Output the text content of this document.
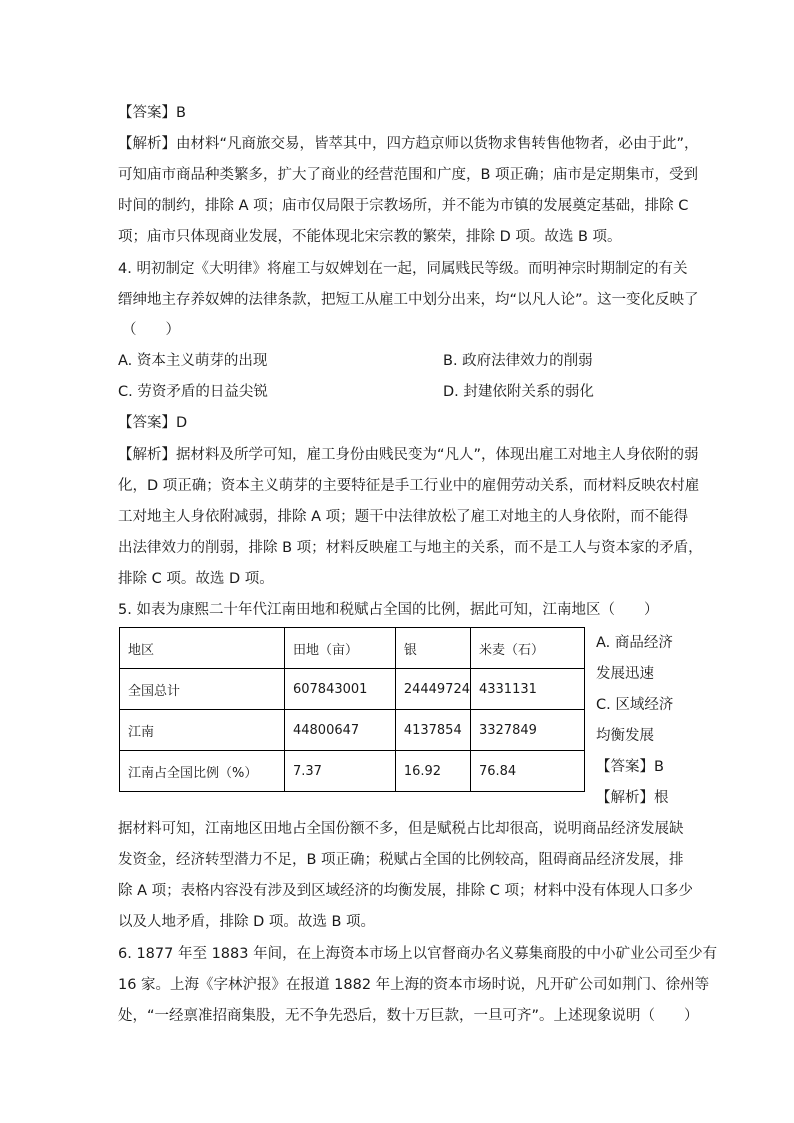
【答案】B
【解析】由材料“凡商旅交易，皆萃其中，四方趋京师以货物求售转售他物者，必由于此”，
可知庙市商品种类繁多，扩大了商业的经营范围和广度，B 项正确；庙市是定期集市，受到
时间的制约，排除 A 项；庙市仅局限于宗教场所，并不能为市镇的发展奠定基础，排除 C
项；庙市只体现商业发展，不能体现北宋宗教的繁荣，排除 D 项。故选 B 项。
4. 明初制定《大明律》将雇工与奴婢划在一起，同属贱民等级。而明神宗时期制定的有关
缙绅地主存养奴婢的法律条款，把短工从雇工中划分出来，均“以凡人论”。这一变化反映了
（　　）
A. 资本主义萌芽的出现	B. 政府法律效力的削弱
C. 劳资矛盾的日益尖锐	D. 封建依附关系的弱化
【答案】D
【解析】据材料及所学可知，雇工身份由贱民变为“凡人”，体现出雇工对地主人身依附的弱
化，D 项正确；资本主义萌芽的主要特征是手工行业中的雇佣劳动关系，而材料反映农村雇
工对地主人身依附减弱，排除 A 项；题干中法律放松了雇工对地主的人身依附，而不能得
出法律效力的削弱，排除 B 项；材料反映雇工与地主的关系，而不是工人与资本家的矛盾，
排除 C 项。故选 D 项。
5. 如表为康熙二十年代江南田地和税赋占全国的比例，据此可知，江南地区（　　）
地区	田地（亩）	银	米麦（石）
全国总计	607843001	24449724	4331131
江南	44800647	4137854	3327849
江南占全国比例（%）	7.37	16.92	76.84
A. 商品经济
发展迅速
C. 区域经济
均衡发展
【答案】B
【解析】根
据材料可知，江南地区田地占全国份额不多，但是赋税占比却很高，说明商品经济发展缺
发资金，经济转型潜力不足，B 项正确；税赋占全国的比例较高，阻碍商品经济发展，排
除 A 项；表格内容没有涉及到区域经济的均衡发展，排除 C 项；材料中没有体现人口多少
以及人地矛盾，排除 D 项。故选 B 项。
6. 1877 年至 1883 年间，在上海资本市场上以官督商办名义募集商股的中小矿业公司至少有
16 家。上海《字林沪报》在报道 1882 年上海的资本市场时说，凡开矿公司如荆门、徐州等
处，“一经禀准招商集股，无不争先恐后，数十万巨款，一旦可齐”。上述现象说明（　　）
